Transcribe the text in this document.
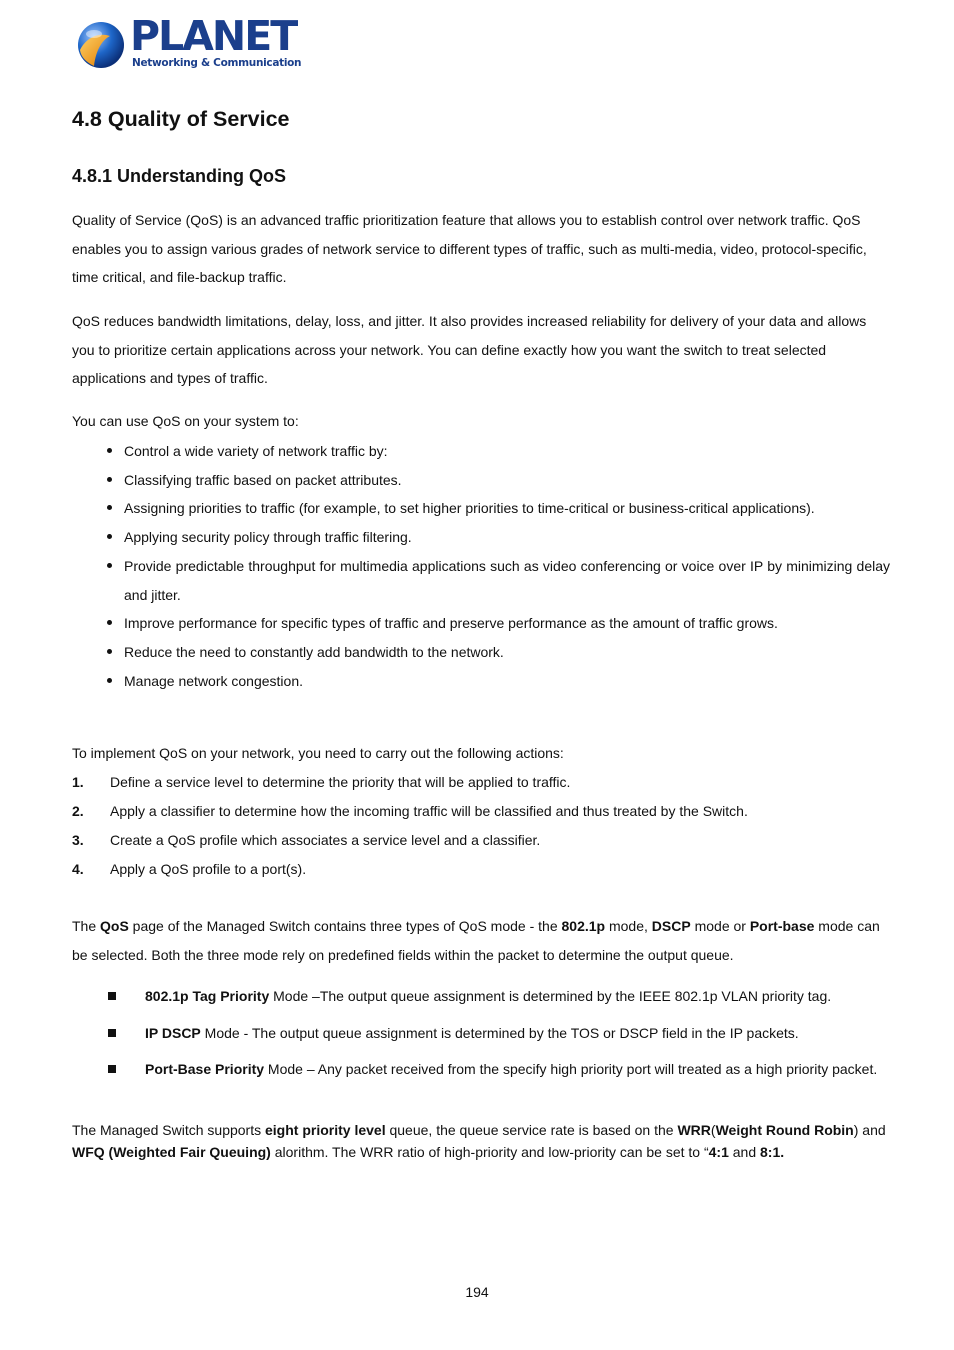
PLANET
Networking & Communication
4.8 Quality of Service
4.8.1 Understanding QoS

Quality of Service (QoS) is an advanced traffic prioritization feature that allows you to establish control over network traffic. QoS enables you to assign various grades of network service to different types of traffic, such as multi-media, video, protocol-specific, time critical, and file-backup traffic.

QoS reduces bandwidth limitations, delay, loss, and jitter. It also provides increased reliability for delivery of your data and allows you to prioritize certain applications across your network. You can define exactly how you want the switch to treat selected applications and types of traffic.

You can use QoS on your system to:

Control a wide variety of network traffic by:
Classifying traffic based on packet attributes.
Assigning priorities to traffic (for example, to set higher priorities to time-critical or business-critical applications).
Applying security policy through traffic filtering.
Provide predictable throughput for multimedia applications such as video conferencing or voice over IP by minimizing delay and jitter.
Improve performance for specific types of traffic and preserve performance as the amount of traffic grows.
Reduce the need to constantly add bandwidth to the network.
Manage network congestion.

To implement QoS on your network, you need to carry out the following actions:

1. Define a service level to determine the priority that will be applied to traffic.
2. Apply a classifier to determine how the incoming traffic will be classified and thus treated by the Switch.
3. Create a QoS profile which associates a service level and a classifier.
4. Apply a QoS profile to a port(s).

The QoS page of the Managed Switch contains three types of QoS mode - the 802.1p mode, DSCP mode or Port-base mode can be selected. Both the three mode rely on predefined fields within the packet to determine the output queue.

802.1p Tag Priority Mode –The output queue assignment is determined by the IEEE 802.1p VLAN priority tag.
IP DSCP Mode - The output queue assignment is determined by the TOS or DSCP field in the IP packets.
Port-Base Priority Mode – Any packet received from the specify high priority port will treated as a high priority packet.

The Managed Switch supports eight priority level queue, the queue service rate is based on the WRR(Weight Round Robin) and WFQ (Weighted Fair Queuing) alorithm. The WRR ratio of high-priority and low-priority can be set to “4:1 and 8:1.

194
